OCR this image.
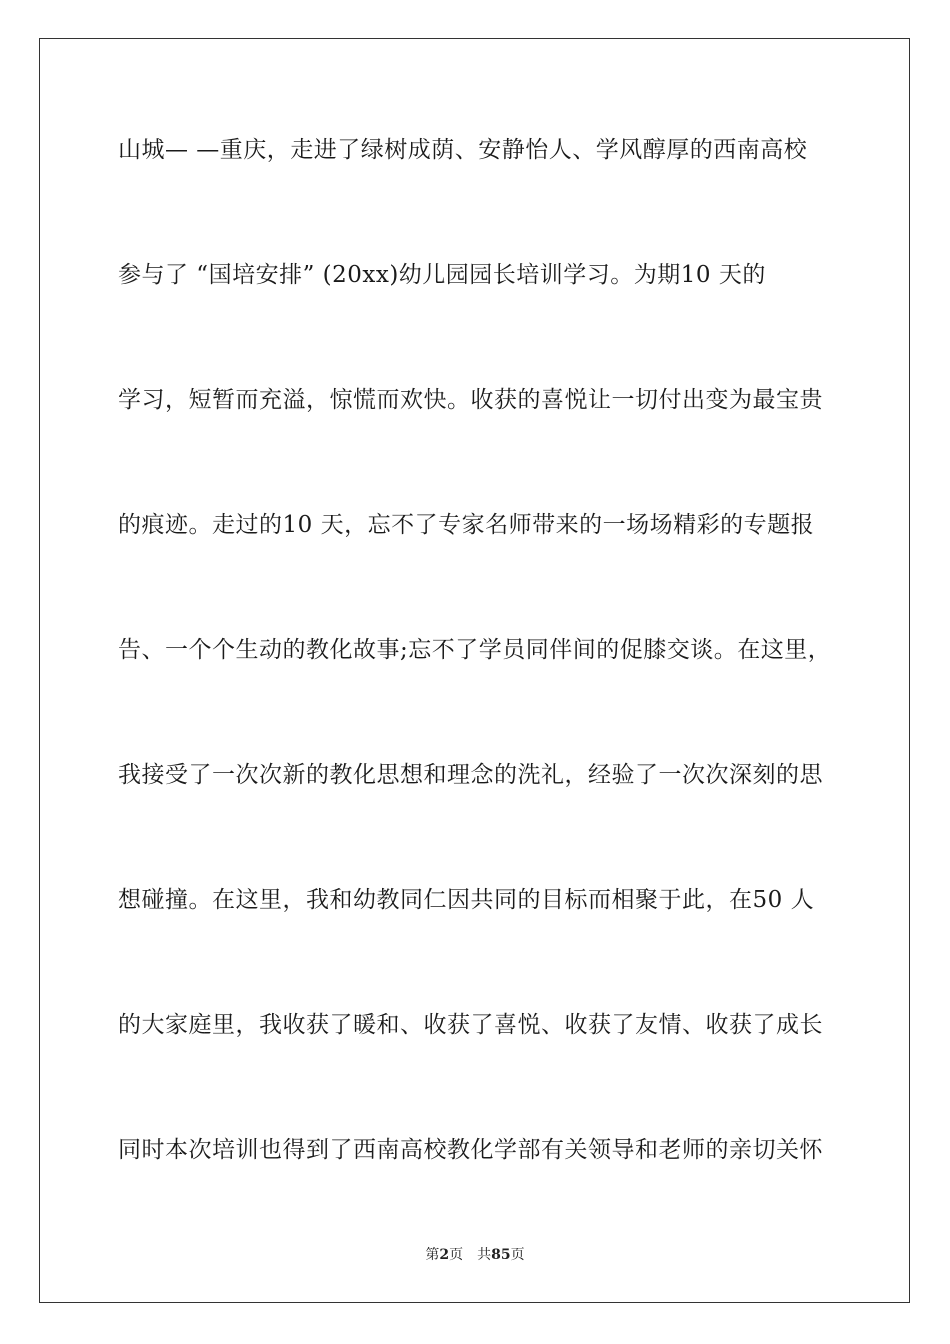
山城— —重庆，走进了绿树成荫、安静怡人、学风醇厚的西南高校
参与了 “国培安排” (20xx)幼儿园园长培训学习。为期10 天的
学习，短暂而充溢，惊慌而欢快。收获的喜悦让一切付出变为最宝贵
的痕迹。走过的10 天，忘不了专家名师带来的一场场精彩的专题报
告、一个个生动的教化故事;忘不了学员同伴间的促膝交谈。在这里，
我接受了一次次新的教化思想和理念的洗礼，经验了一次次深刻的思
想碰撞。在这里，我和幼教同仁因共同的目标而相聚于此，在50 人
的大家庭里，我收获了暖和、收获了喜悦、收获了友情、收获了成长
同时本次培训也得到了西南高校教化学部有关领导和老师的亲切关怀
第2页 共85页
